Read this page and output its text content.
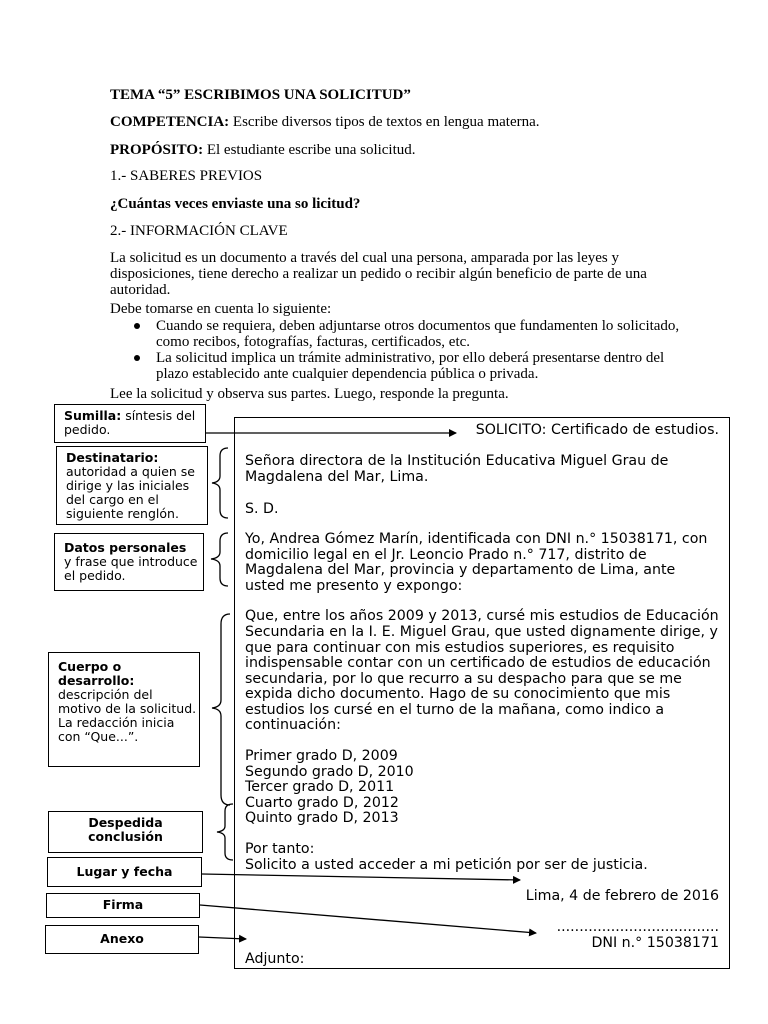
TEMA “5” ESCRIBIMOS UNA SOLICITUD”
COMPETENCIA: Escribe diversos tipos de textos en lengua materna.
PROPÓSITO: El estudiante escribe una solicitud.
1.- SABERES PREVIOS
¿Cuántas veces enviaste una so licitud?
2.- INFORMACIÓN CLAVE
La solicitud es un documento a través del cual una persona, amparada por las leyes y disposiciones, tiene derecho a realizar un pedido o recibir algún beneficio de parte de una autoridad.
Debe tomarse en cuenta lo siguiente:
Cuando se requiera, deben adjuntarse otros documentos que fundamenten lo solicitado, como recibos, fotografías, facturas, certificados, etc.
La solicitud implica un trámite administrativo, por ello deberá presentarse dentro del plazo establecido ante cualquier dependencia pública o privada.
Lee la solicitud y observa sus partes. Luego, responde la pregunta.
SOLICITO: Certificado de estudios.
Señora directora de la Institución Educativa Miguel Grau de
Magdalena del Mar, Lima.
S. D.
Yo, Andrea Gómez Marín, identificada con DNI n.° 15038171, con
domicilio legal en el Jr. Leoncio Prado n.° 717, distrito de
Magdalena del Mar, provincia y departamento de Lima, ante
usted me presento y expongo:
Que, entre los años 2009 y 2013, cursé mis estudios de Educación
Secundaria en la I. E. Miguel Grau, que usted dignamente dirige, y
que para continuar con mis estudios superiores, es requisito
indispensable contar con un certificado de estudios de educación
secundaria, por lo que recurro a su despacho para que se me
expida dicho documento. Hago de su conocimiento que mis
estudios los cursé en el turno de la mañana, como indico a
continuación:
Primer grado D, 2009
Segundo grado D, 2010
Tercer grado D, 2011
Cuarto grado D, 2012
Quinto grado D, 2013
Por tanto:
Solicito a usted acceder a mi petición por ser de justicia.
Lima, 4 de febrero de 2016
....................................
DNI n.° 15038171
Adjunto:
Sumilla: síntesis del pedido.
Destinatario:
autoridad a quien se dirige y las iniciales del cargo en el siguiente renglón.
Datos personales
y frase que introduce el pedido.
Cuerpo o desarrollo:
descripción del motivo de la solicitud. La redacción inicia con “Que...”.
Despedida conclusión
Lugar y fecha
Firma
Anexo
